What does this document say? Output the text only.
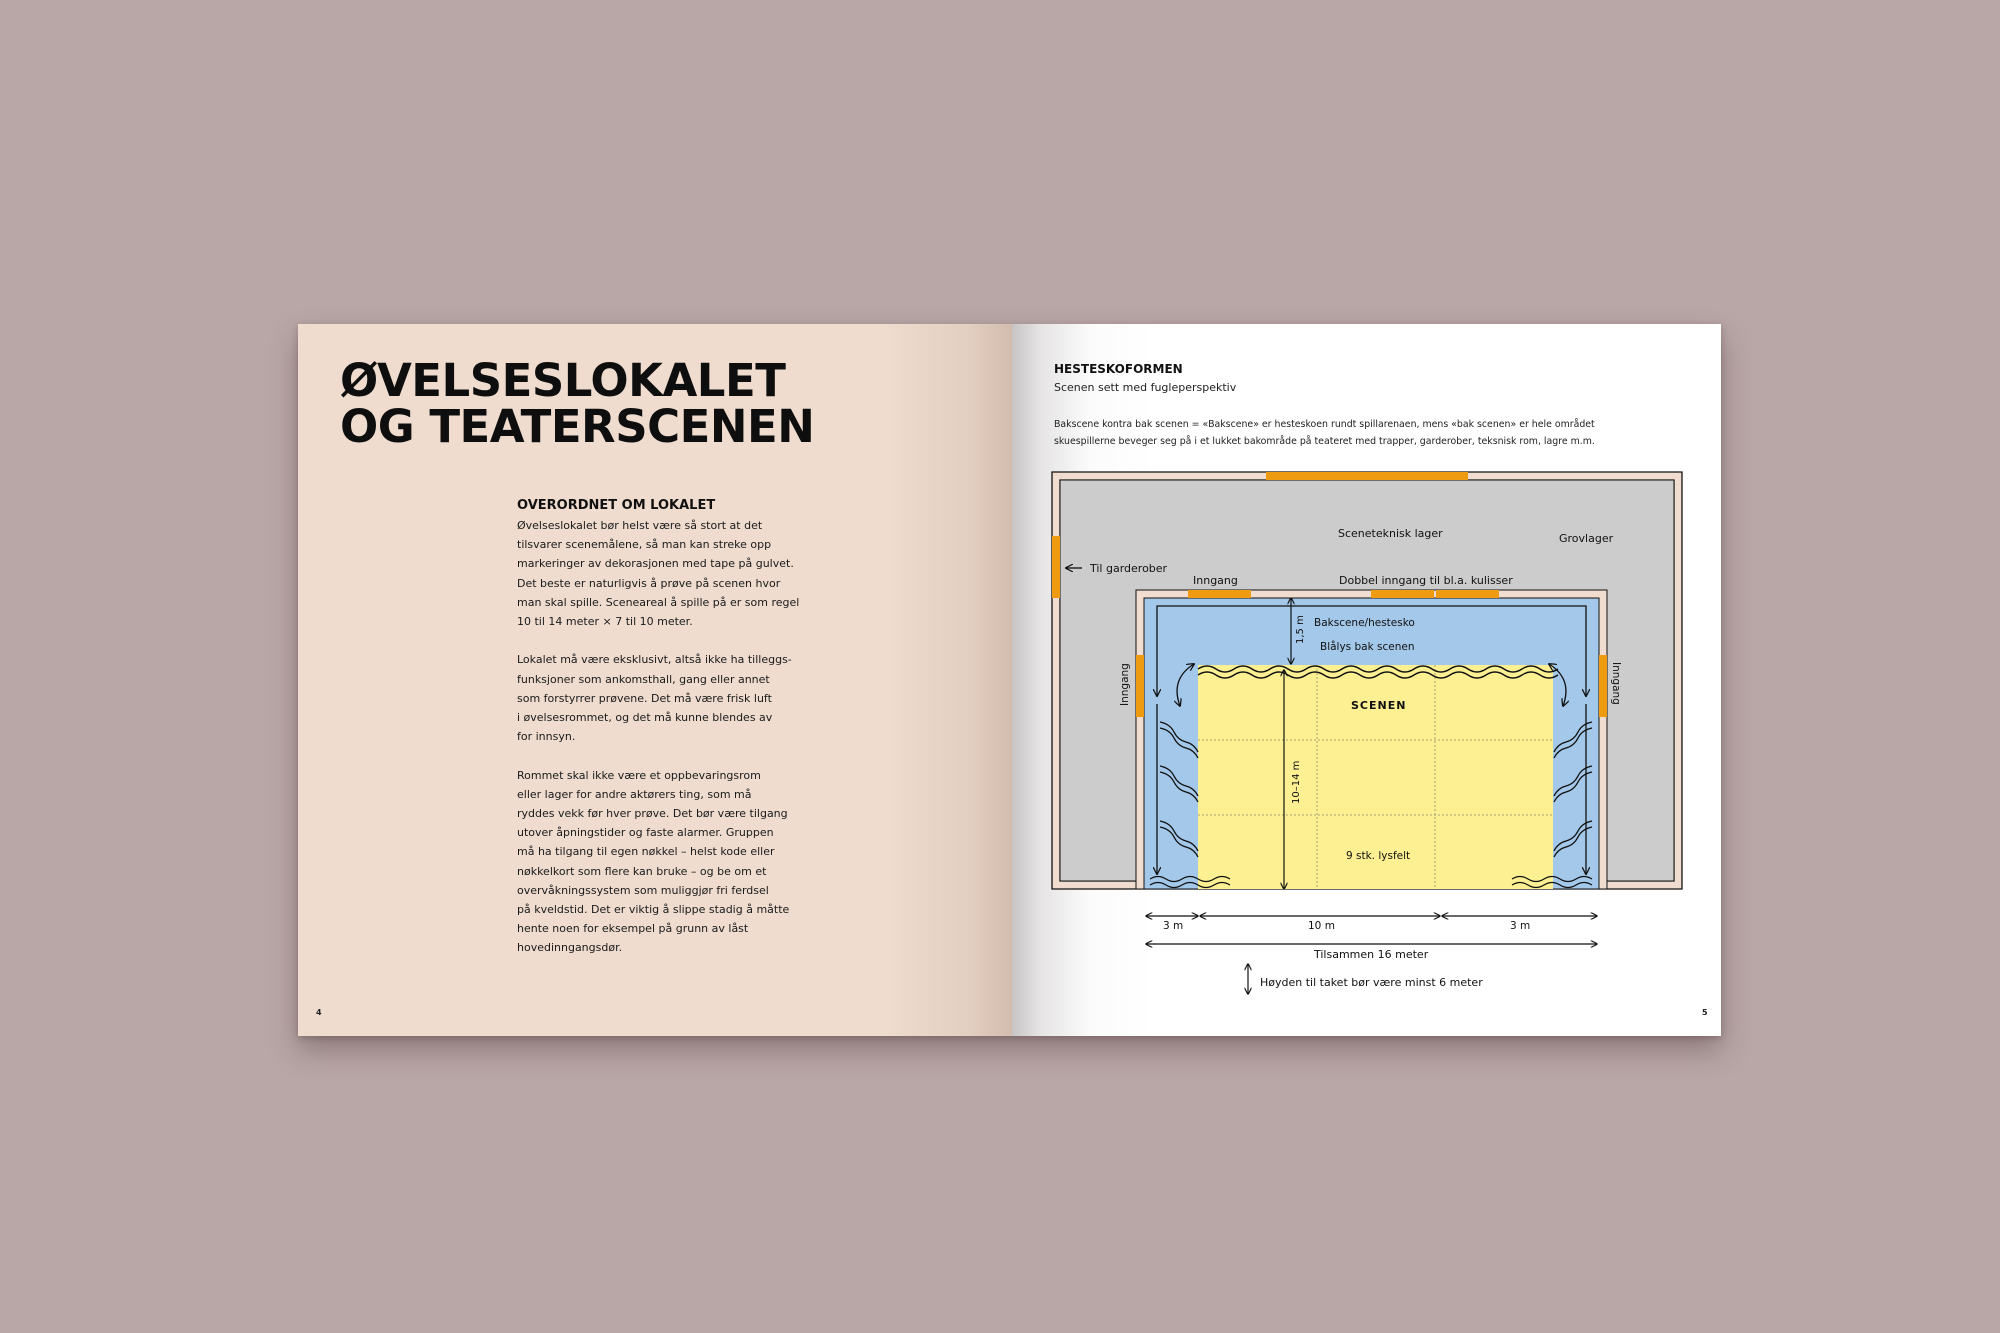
ØVELSESLOKALET
OG TEATERSCENEN
OVERORDNET OM LOKALET
Øvelseslokalet bør helst være så stort at det
tilsvarer scenemålene, så man kan streke opp
markeringer av dekorasjonen med tape på gulvet.
Det beste er naturligvis å prøve på scenen hvor
man skal spille. Sceneareal å spille på er som regel
10 til 14 meter × 7 til 10 meter.
Lokalet må være eksklusivt, altså ikke ha tilleggs-
funksjoner som ankomsthall, gang eller annet
som forstyrrer prøvene. Det må være frisk luft
i øvelsesrommet, og det må kunne blendes av
for innsyn.
Rommet skal ikke være et oppbevaringsrom
eller lager for andre aktørers ting, som må
ryddes vekk før hver prøve. Det bør være tilgang
utover åpningstider og faste alarmer. Gruppen
må ha tilgang til egen nøkkel – helst kode eller
nøkkelkort som flere kan bruke – og be om et
overvåkningssystem som muliggjør fri ferdsel
på kveldstid. Det er viktig å slippe stadig å måtte
hente noen for eksempel på grunn av låst
hovedinngangsdør.
4
HESTESKOFORMEN
Scenen sett med fugleperspektiv
Bakscene kontra bak scenen = «Bakscene» er hesteskoen rundt spillarenaen, mens «bak scenen» er hele området
skuespillerne beveger seg på i et lukket bakområde på teateret med trapper, garderober, teksnisk rom, lagre m.m.
Sceneteknisk lager	Grovlager
Til garderober
Inngang	Dobbel inngang til bl.a. kulisser
Bakscene/hestesko
Blålys bak scenen
Inngang	Inngang
SCENEN
9 stk. lysfelt
1,5 m
10–14 m
3 m	10 m	3 m
Tilsammen 16 meter
Høyden til taket bør være minst 6 meter
5
